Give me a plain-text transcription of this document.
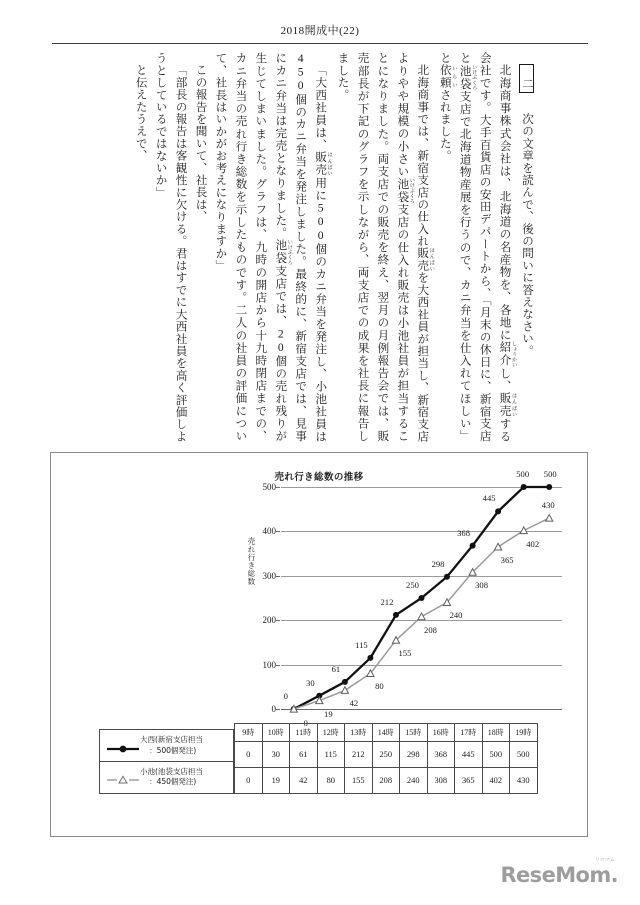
2018開成中(22)

二 次の文章を読んで、後の問いに答えなさい。

北海商事株式会社は、北海道の名産物を、各地に紹介 しょうかいし、販売 はんばいする会社です。大手百貨店の安田デパートから、「月末の休日に、新宿支店と池袋 いけぶくろ支店で北海道物産展を行うので、カニ弁当を仕入れてほしい」と依頼 いらいされました。

北海商事では、新宿支店の仕入れ販売 はんばいを大西社員が担当し、新宿支店よりやや規模の小さい池袋 いけぶくろ支店の仕入れ販売は小池社員が担当することになりました。両支店での販売を終え、翌月の月例報告会では、販売部長が下記のグラフを示しながら、両支店での成果を社長に報告しました。

「大西社員は、販売 はんばい用に500個のカニ弁当を発注し、小池社員は450個のカニ弁当を発注しました。最終的に、新宿支店では、見事にカニ弁当は完売となりました。池袋 いけぶくろ支店では、20個の売れ残りが生じてしまいました。グラフは、九時の開店から十九時閉店までの、カニ弁当の売れ行き総数を示したものです。二人の社員の評価について、社長はいかがお考えになりますか」

この報告を聞いて、社長は、

「部長の報告は客観性に欠ける。君はすでに大西社員を高く評価しようとしているではないか」

と伝えたうえで、

売れ行き総数の推移
売れ行き総数
0
100
200
300
400
500
0
30
61
115
212
250
298
368
445
500 500
0
19
42
80
155
208
240
308
365
402
430
大西(新宿支店担当
：500個発注)
小池(池袋支店担当
：450個発注)
9時	10時	11時	12時	13時	14時	15時	16時	17時	18時	19時
0	30	61	115	212	250	298	368	445	500	500
0	19	42	80	155	208	240	308	365	402	430
リセマム
ReseMom.
